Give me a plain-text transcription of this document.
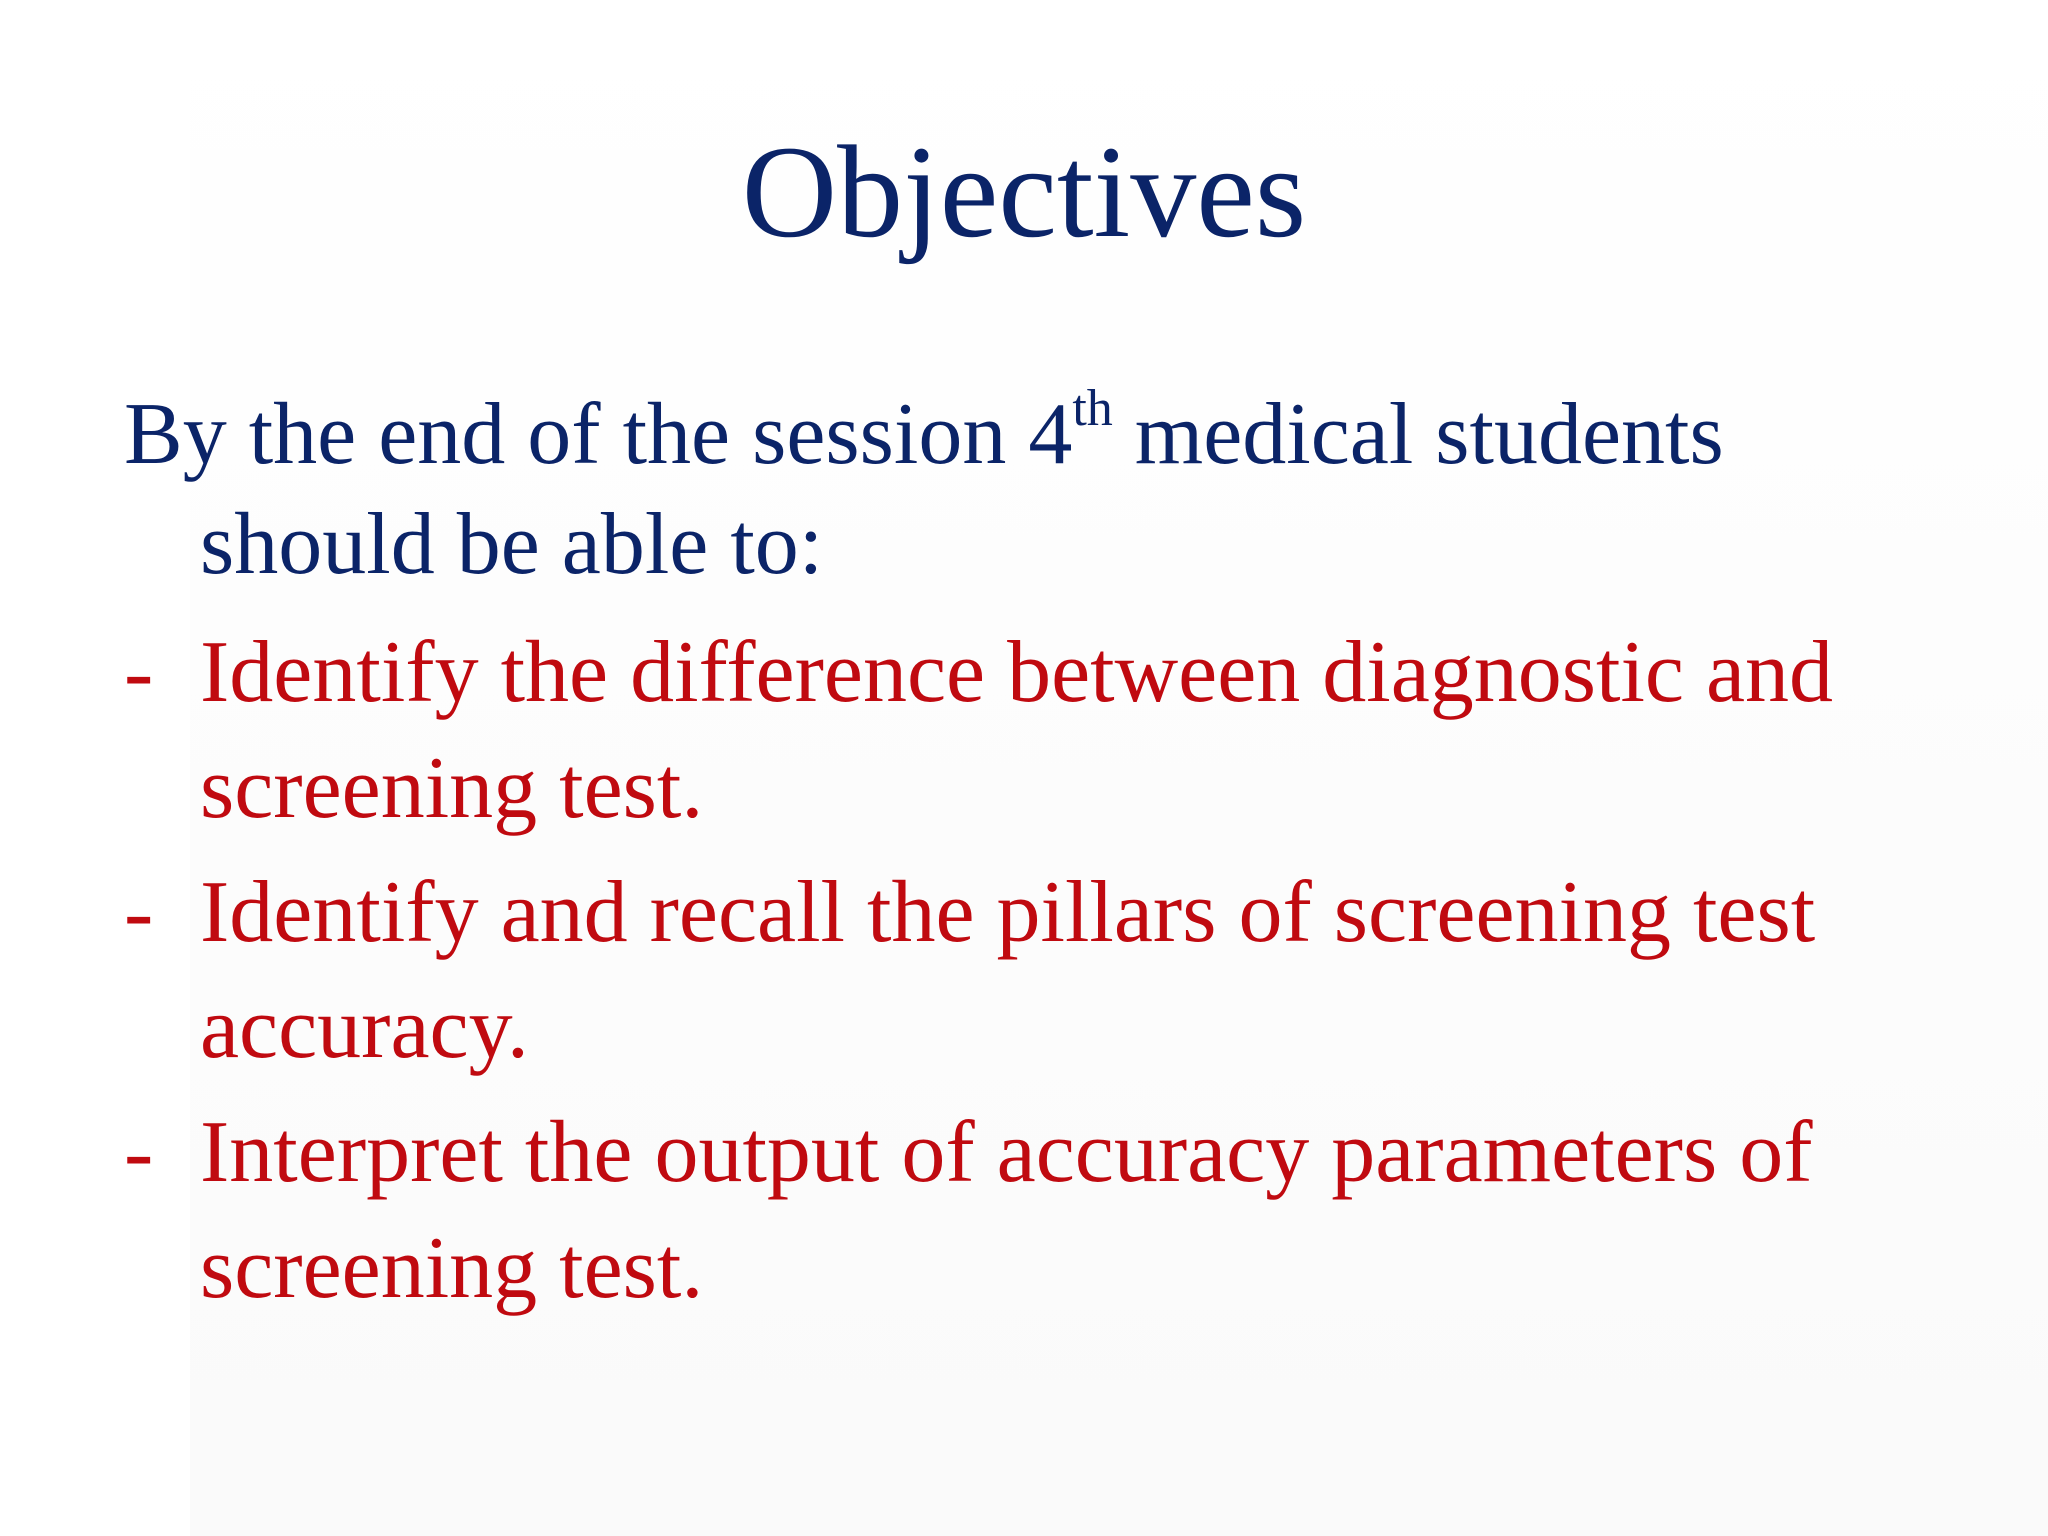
Objectives
By the end of the session 4th medical students
should be able to:
- Identify the difference between diagnostic and screening test.
- Identify and recall the pillars of screening test accuracy.
- Interpret the output of accuracy parameters of screening test.
